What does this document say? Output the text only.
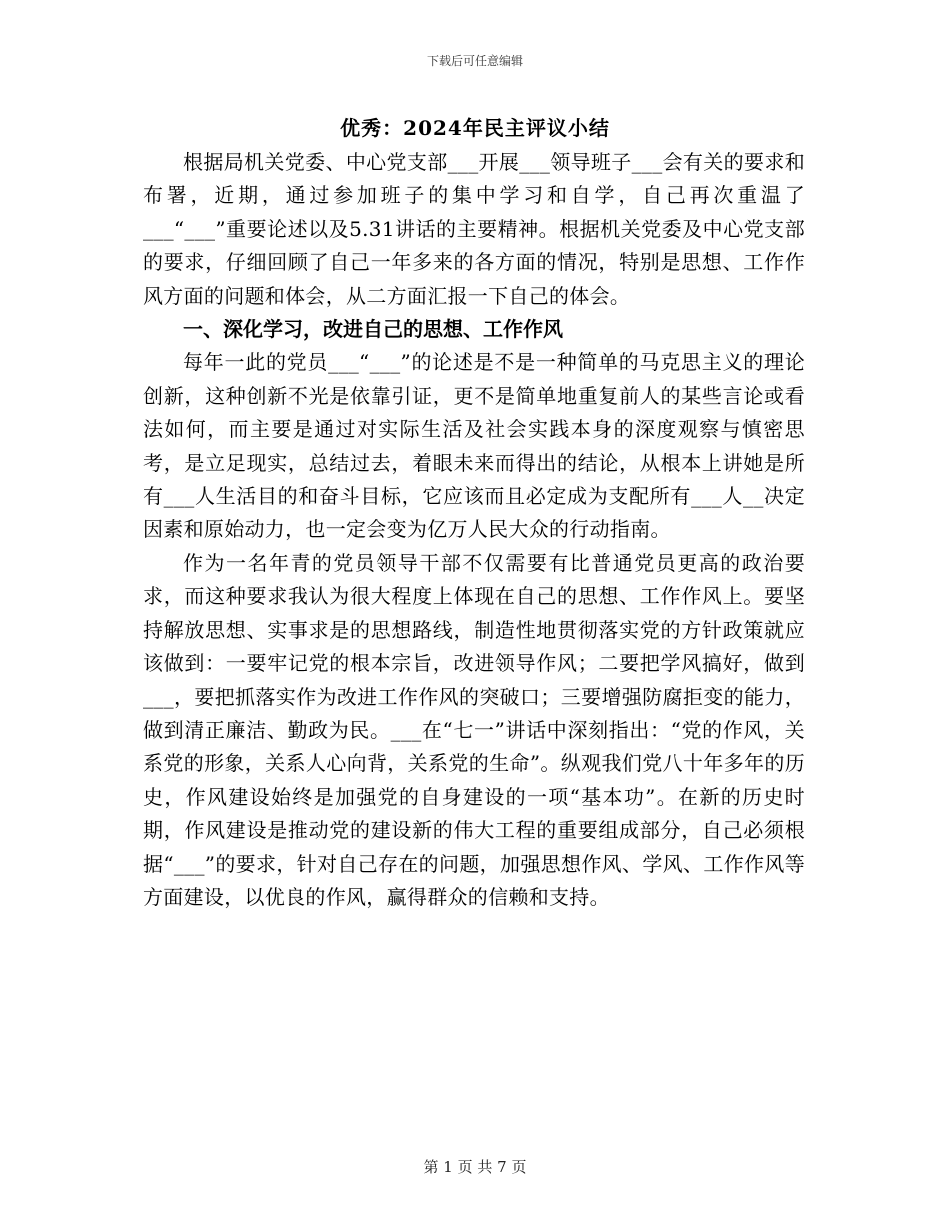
下载后可任意编辑
优秀：2024年民主评议小结

根据局机关党委、中心党支部___开展___领导班子___会有关的要求和布署，近期，通过参加班子的集中学习和自学，自己再次重温了___“___”重要论述以及5.31讲话的主要精神。根据机关党委及中心党支部的要求，仔细回顾了自己一年多来的各方面的情况，特别是思想、工作作风方面的问题和体会，从二方面汇报一下自己的体会。

一、深化学习，改进自己的思想、工作作风

每年一此的党员___“___”的论述是不是一种简单的马克思主义的理论创新，这种创新不光是依靠引证，更不是简单地重复前人的某些言论或看法如何，而主要是通过对实际生活及社会实践本身的深度观察与慎密思考，是立足现实，总结过去，着眼未来而得出的结论，从根本上讲她是所有___人生活目的和奋斗目标，它应该而且必定成为支配所有___人__决定因素和原始动力，也一定会变为亿万人民大众的行动指南。

作为一名年青的党员领导干部不仅需要有比普通党员更高的政治要求，而这种要求我认为很大程度上体现在自己的思想、工作作风上。要坚持解放思想、实事求是的思想路线，制造性地贯彻落实党的方针政策就应该做到：一要牢记党的根本宗旨，改进领导作风；二要把学风搞好，做到___，要把抓落实作为改进工作作风的突破口；三要增强防腐拒变的能力，做到清正廉洁、勤政为民。___在“七一”讲话中深刻指出：“党的作风，关系党的形象，关系人心向背，关系党的生命”。纵观我们党八十年多年的历史，作风建设始终是加强党的自身建设的一项“基本功”。在新的历史时期，作风建设是推动党的建设新的伟大工程的重要组成部分，自己必须根据“___”的要求，针对自己存在的问题，加强思想作风、学风、工作作风等方面建设，以优良的作风，赢得群众的信赖和支持。

第 1 页 共 7 页
